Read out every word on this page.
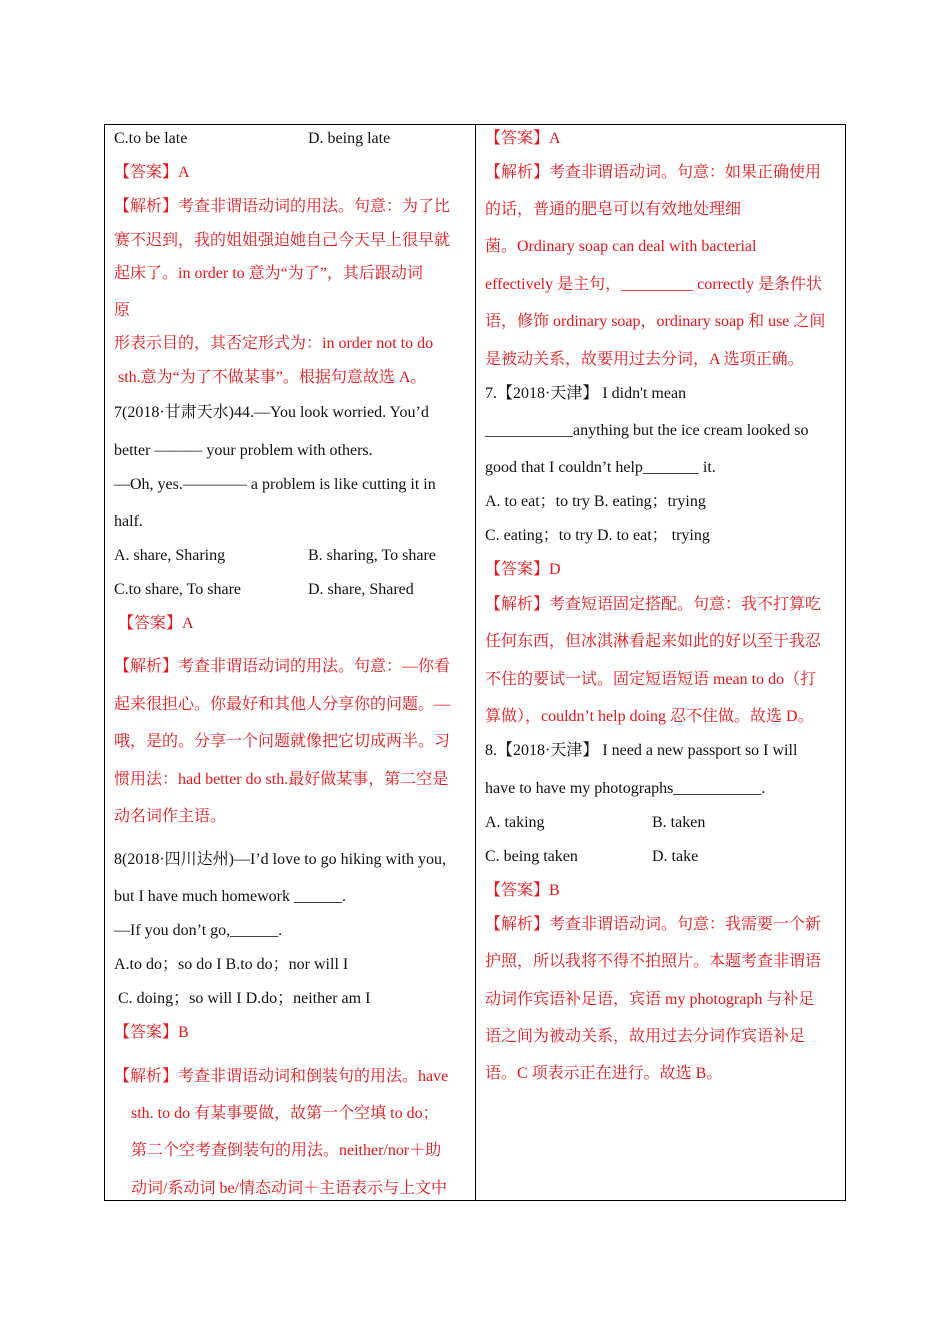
C.to be late	D. being late
【答案】A
【解析】考查非谓语动词的用法。句意：为了比
赛不迟到，我的姐姐强迫她自己今天早上很早就
起床了。in order to 意为“为了”，其后跟动词
原
形表示目的，其否定形式为：in order not to do
sth.意为“为了不做某事”。根据句意故选 A。
7(2018·甘肃天水)44.—You look worried. You’d
better ——— your problem with others.
—Oh, yes.———— a problem is like cutting it in
half.
A. share, Sharing	B. sharing, To share
C.to share, To share	D. share, Shared
【答案】A
【解析】考查非谓语动词的用法。句意：—你看
起来很担心。你最好和其他人分享你的问题。—
哦，是的。分享一个问题就像把它切成两半。习
惯用法：had better do sth.最好做某事，第二空是
动名词作主语。
8(2018·四川达州)—I’d love to go hiking with you,
but I have much homework ______.
—If you don’t go,______.
A.to do；so do I B.to do；nor will I
C. doing；so will I D.do；neither am I
【答案】B
【解析】考查非谓语动词和倒装句的用法。have
sth. to do 有某事要做，故第一个空填 to do；
第二个空考查倒装句的用法。neither/nor＋助
动词/系动词 be/情态动词＋主语表示与上文中
【答案】A
【解析】考查非谓语动词。句意：如果正确使用
的话，普通的肥皂可以有效地处理细
菌。Ordinary soap can deal with bacterial
effectively 是主句，_________ correctly 是条件状
语，修饰 ordinary soap，ordinary soap 和 use 之间
是被动关系，故要用过去分词，A 选项正确。
7.【2018·天津】 I didn't mean
___________anything but the ice cream looked so
good that I couldn’t help_______ it.
A. to eat；to try B. eating；trying
C. eating；to try D. to eat； trying
【答案】D
【解析】考查短语固定搭配。句意：我不打算吃
任何东西，但冰淇淋看起来如此的好以至于我忍
不住的要试一试。固定短语短语 mean to do（打
算做），couldn’t help doing 忍不住做。故选 D。
8.【2018·天津】 I need a new passport so I will
have to have my photographs___________.
A. taking	B. taken
C. being taken	D. take
【答案】B
【解析】考查非谓语动词。句意：我需要一个新
护照，所以我将不得不拍照片。本题考查非谓语
动词作宾语补足语，宾语 my photograph 与补足
语之间为被动关系，故用过去分词作宾语补足
语。C 项表示正在进行。故选 B。
